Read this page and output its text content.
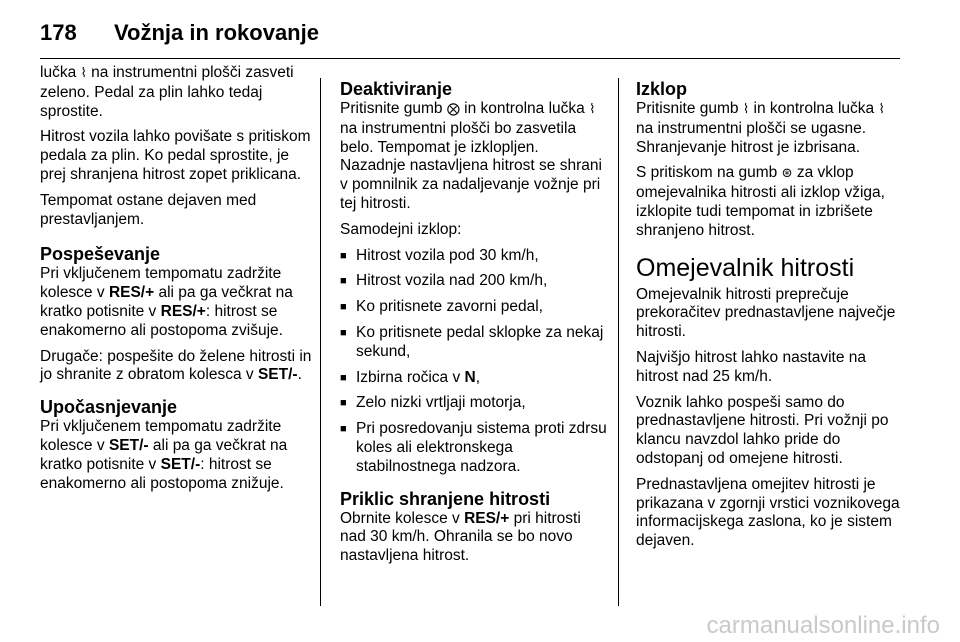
178 Vožnja in rokovanje

lučka ⌇ na instrumentni plošči zasveti zeleno. Pedal za plin lahko tedaj sprostite.

Hitrost vozila lahko povišate s pritiskom pedala za plin. Ko pedal sprostite, je prej shranjena hitrost zopet priklicana.

Tempomat ostane dejaven med prestavljanjem.

Pospeševanje

Pri vključenem tempomatu zadržite kolesce v RES/+ ali pa ga večkrat na kratko potisnite v RES/+: hitrost se enakomerno ali postopoma zvišuje.

Drugače: pospešite do želene hitrosti in jo shranite z obratom kolesca v SET/-.

Upočasnjevanje

Pri vključenem tempomatu zadržite kolesce v SET/- ali pa ga večkrat na kratko potisnite v SET/-: hitrost se enakomerno ali postopoma znižuje.

Deaktiviranje

Pritisnite gumb ⨂ in kontrolna lučka ⌇ na instrumentni plošči bo zasvetila belo. Tempomat je izklopljen. Nazadnje nastavljena hitrost se shrani v pomnilnik za nadaljevanje vožnje pri tej hitrosti.

Samodejni izklop:

■ Hitrost vozila pod 30 km/h,
■ Hitrost vozila nad 200 km/h,
■ Ko pritisnete zavorni pedal,
■ Ko pritisnete pedal sklopke za nekaj sekund,
■ Izbirna ročica v N,
■ Zelo nizki vrtljaji motorja,
■ Pri posredovanju sistema proti zdrsu koles ali elektronskega stabilnostnega nadzora.
Priklic shranjene hitrosti

Obrnite kolesce v RES/+ pri hitrosti nad 30 km/h. Ohranila se bo novo nastavljena hitrost.

Izklop

Pritisnite gumb ⌇ in kontrolna lučka ⌇ na instrumentni plošči se ugasne. Shranjevanje hitrost je izbrisana.

S pritiskom na gumb ⊛ za vklop omejevalnika hitrosti ali izklop vžiga, izklopite tudi tempomat in izbrišete shranjeno hitrost.

Omejevalnik hitrosti

Omejevalnik hitrosti preprečuje prekoračitev prednastavljene največje hitrosti.

Najvišjo hitrost lahko nastavite na hitrost nad 25 km/h.

Voznik lahko pospeši samo do prednastavljene hitrosti. Pri vožnji po klancu navzdol lahko pride do odstopanj od omejene hitrosti.

Prednastavljena omejitev hitrosti je prikazana v zgornji vrstici voznikovega informacijskega zaslona, ko je sistem dejaven.

carmanualsonline.info
